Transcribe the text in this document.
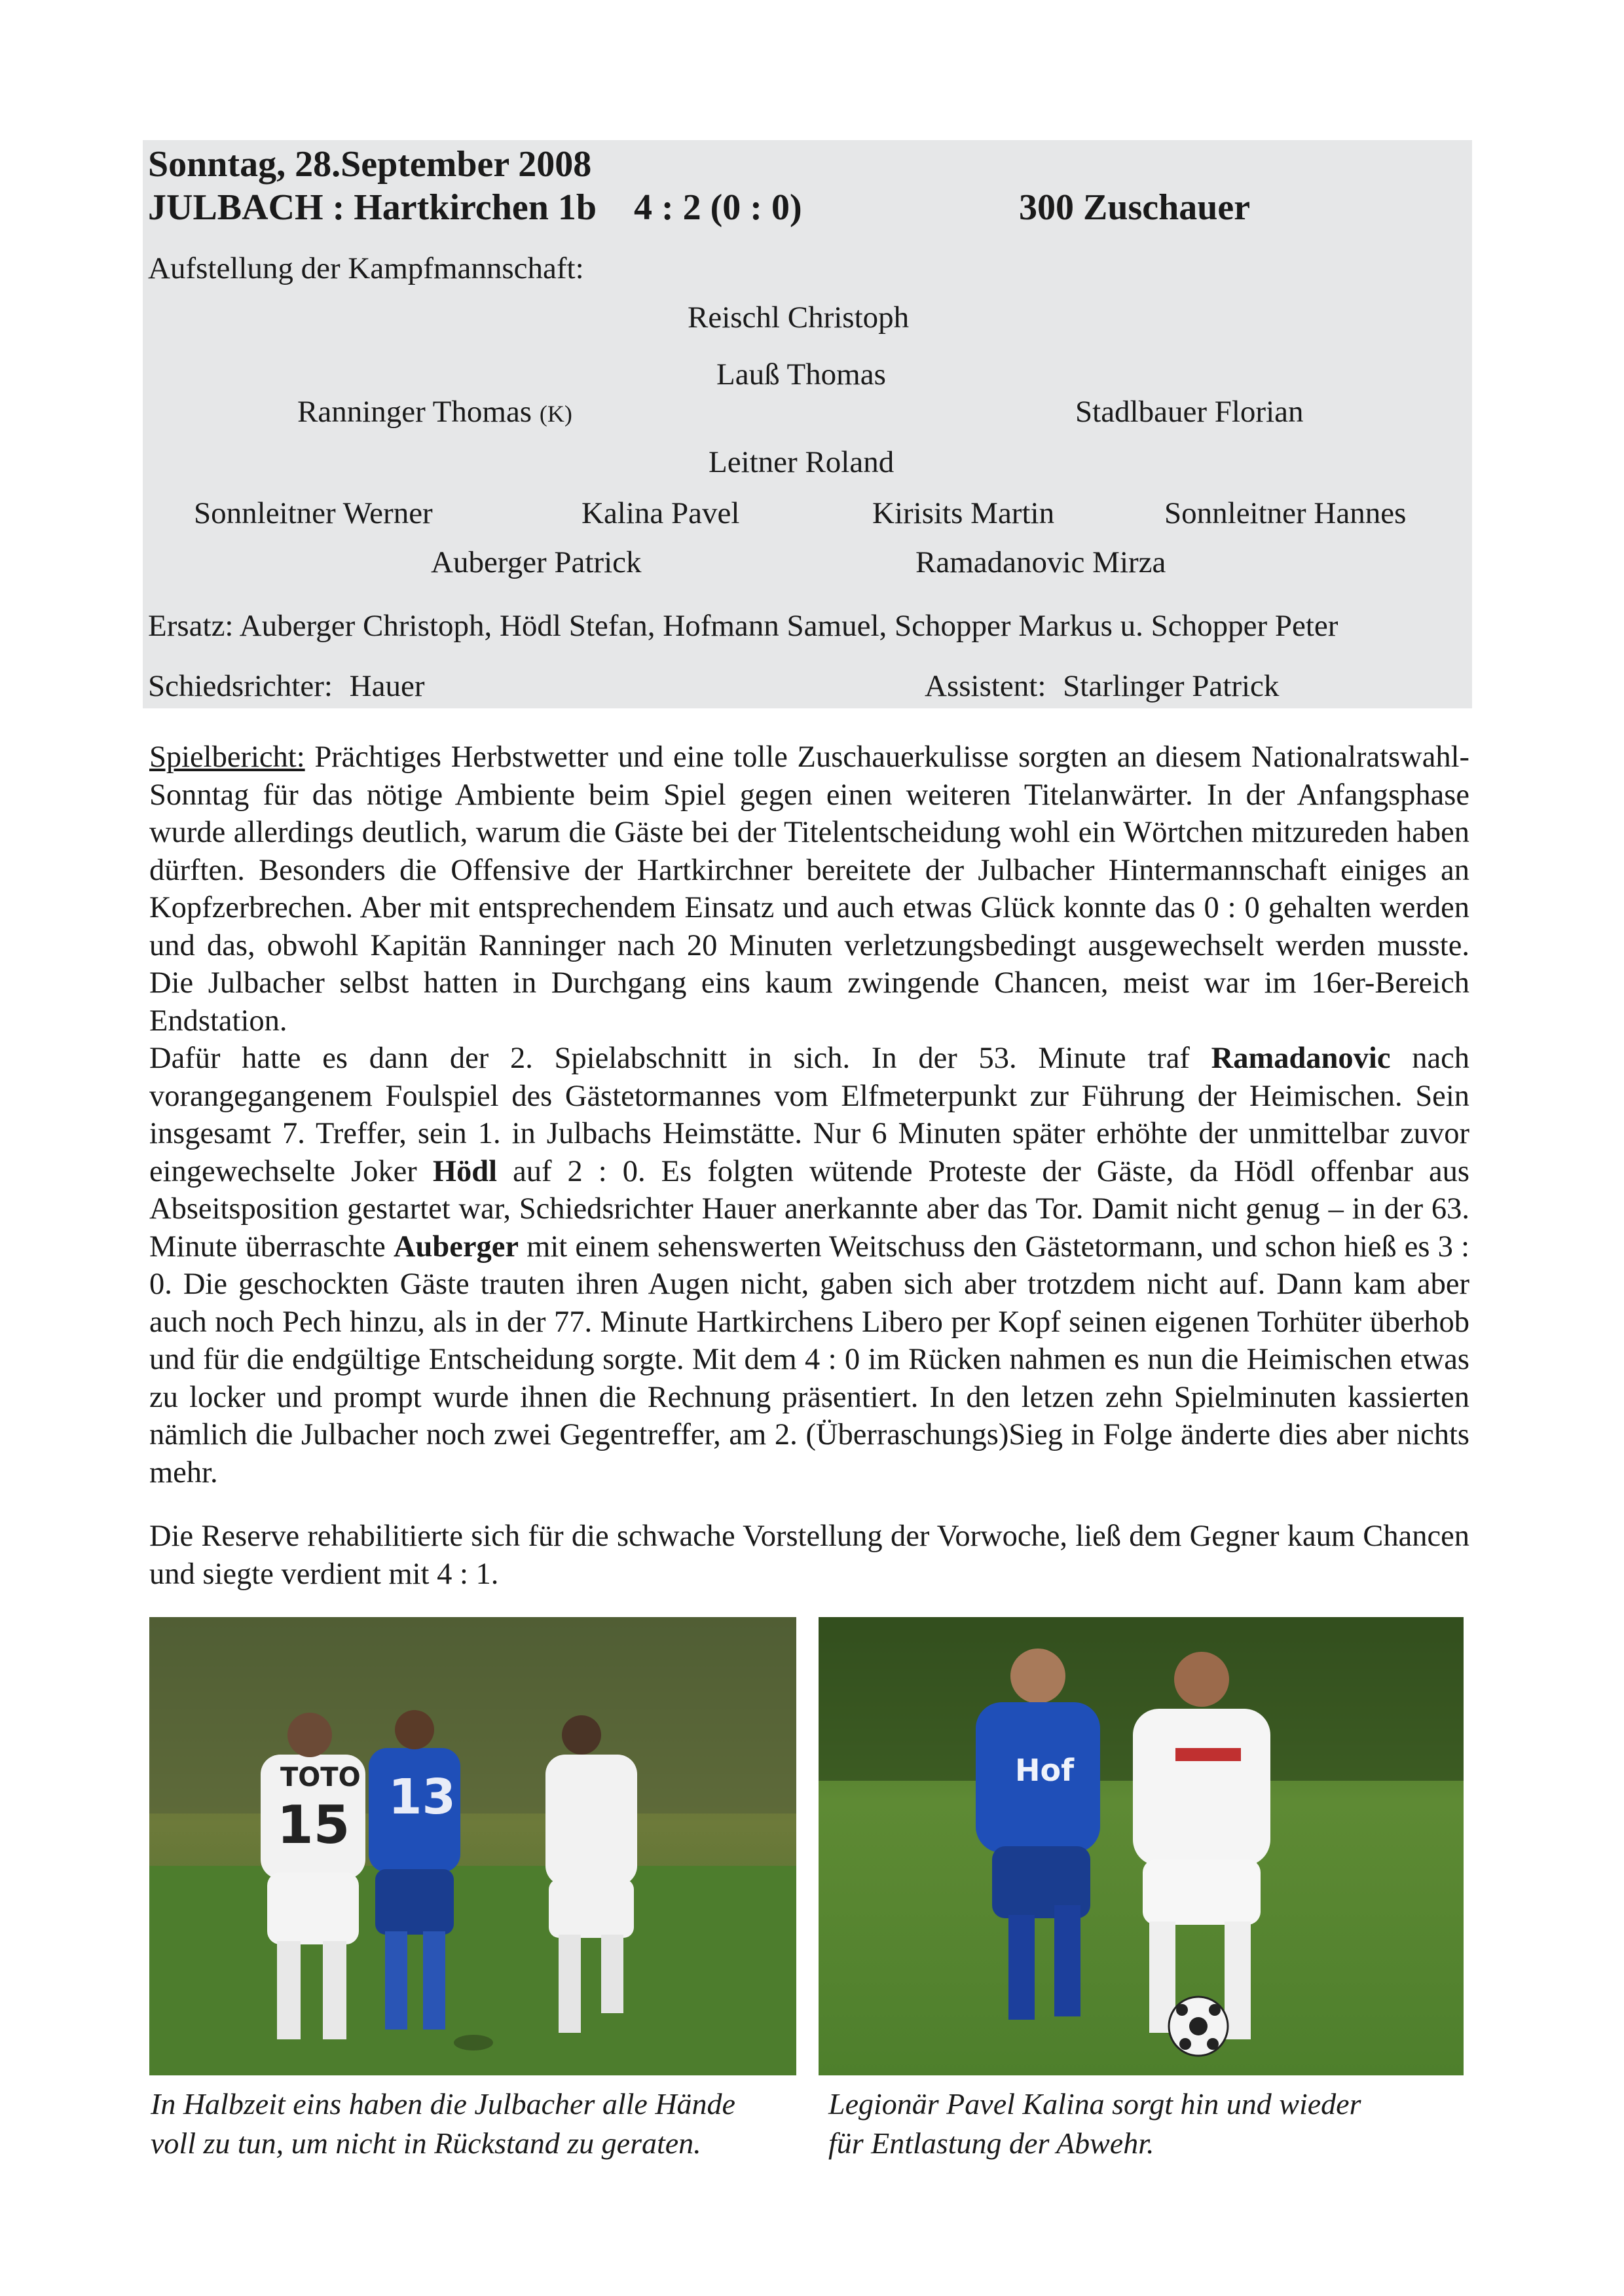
Sonntag, 28.September 2008
JULBACH : Hartkirchen 1b 4 : 2 (0 : 0)	300 Zuschauer
Aufstellung der Kampfmannschaft:
Reischl Christoph
Lauß Thomas
Ranninger Thomas (K)	Stadlbauer Florian
Leitner Roland
Sonnleitner Werner	Kalina Pavel	Kirisits Martin	Sonnleitner Hannes
Auberger Patrick	Ramadanovic Mirza
Ersatz: Auberger Christoph, Hödl Stefan, Hofmann Samuel, Schopper Markus u. Schopper Peter
Schiedsrichter: Hauer	Assistent: Starlinger Patrick

Spielbericht: Prächtiges Herbstwetter und eine tolle Zuschauerkulisse sorgten an diesem Nationalratswahl-Sonntag für das nötige Ambiente beim Spiel gegen einen weiteren Titelanwärter. In der Anfangsphase wurde allerdings deutlich, warum die Gäste bei der Titelentscheidung wohl ein Wörtchen mitzureden haben dürften. Besonders die Offensive der Hartkirchner bereitete der Julbacher Hintermannschaft einiges an Kopfzerbrechen. Aber mit entsprechendem Einsatz und auch etwas Glück konnte das 0 : 0 gehalten werden und das, obwohl Kapitän Ranninger nach 20 Minuten verletzungsbedingt ausgewechselt werden musste. Die Julbacher selbst hatten in Durchgang eins kaum zwingende Chancen, meist war im 16er-Bereich Endstation.

Dafür hatte es dann der 2. Spielabschnitt in sich. In der 53. Minute traf Ramadanovic nach vorangegangenem Foulspiel des Gästetormannes vom Elfmeterpunkt zur Führung der Heimischen. Sein insgesamt 7. Treffer, sein 1. in Julbachs Heimstätte. Nur 6 Minuten später erhöhte der unmittelbar zuvor eingewechselte Joker Hödl auf 2 : 0. Es folgten wütende Proteste der Gäste, da Hödl offenbar aus Abseitsposition gestartet war, Schiedsrichter Hauer anerkannte aber das Tor. Damit nicht genug – in der 63. Minute überraschte Auberger mit einem sehenswerten Weitschuss den Gästetormann, und schon hieß es 3 : 0. Die geschockten Gäste trauten ihren Augen nicht, gaben sich aber trotzdem nicht auf. Dann kam aber auch noch Pech hinzu, als in der 77. Minute Hartkirchens Libero per Kopf seinen eigenen Torhüter überhob und für die endgültige Entscheidung sorgte. Mit dem 4 : 0 im Rücken nahmen es nun die Heimischen etwas zu locker und prompt wurde ihnen die Rechnung präsentiert. In den letzen zehn Spielminuten kassierten nämlich die Julbacher noch zwei Gegentreffer, am 2. (Überraschungs)Sieg in Folge änderte dies aber nichts mehr.

Die Reserve rehabilitierte sich für die schwache Vorstellung der Vorwoche, ließ dem Gegner kaum Chancen und siegte verdient mit 4 : 1.

TOTO
15 13
In Halbzeit eins haben die Julbacher alle Hände
voll zu tun, um nicht in Rückstand zu geraten.
Hof
Legionär Pavel Kalina sorgt hin und wieder
für Entlastung der Abwehr.
